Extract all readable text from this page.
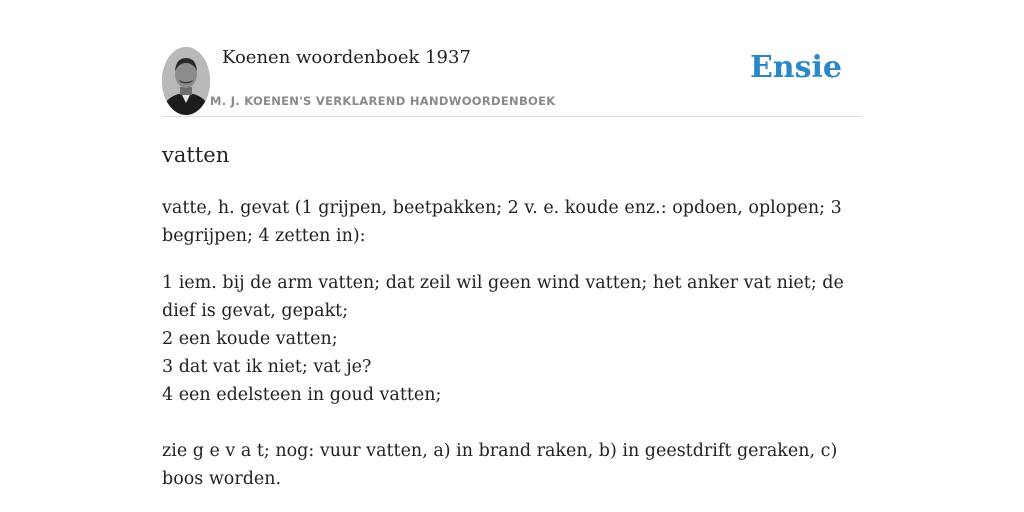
Koenen woordenboek 1937
M. J. KOENEN'S VERKLAREND HANDWOORDENBOEK
Ensie
vatten

vatte, h. gevat (1 grijpen, beetpakken; 2 v. e. koude enz.: opdoen, oplopen; 3 begrijpen; 4 zetten in):

1 iem. bij de arm vatten; dat zeil wil geen wind vatten; het anker vat niet; de dief is gevat, gepakt;
2 een koude vatten;
3 dat vat ik niet; vat je?
4 een edelsteen in goud vatten;
zie g e v a t; nog: vuur vatten, a) in brand raken, b) in geestdrift geraken, c) boos worden.
